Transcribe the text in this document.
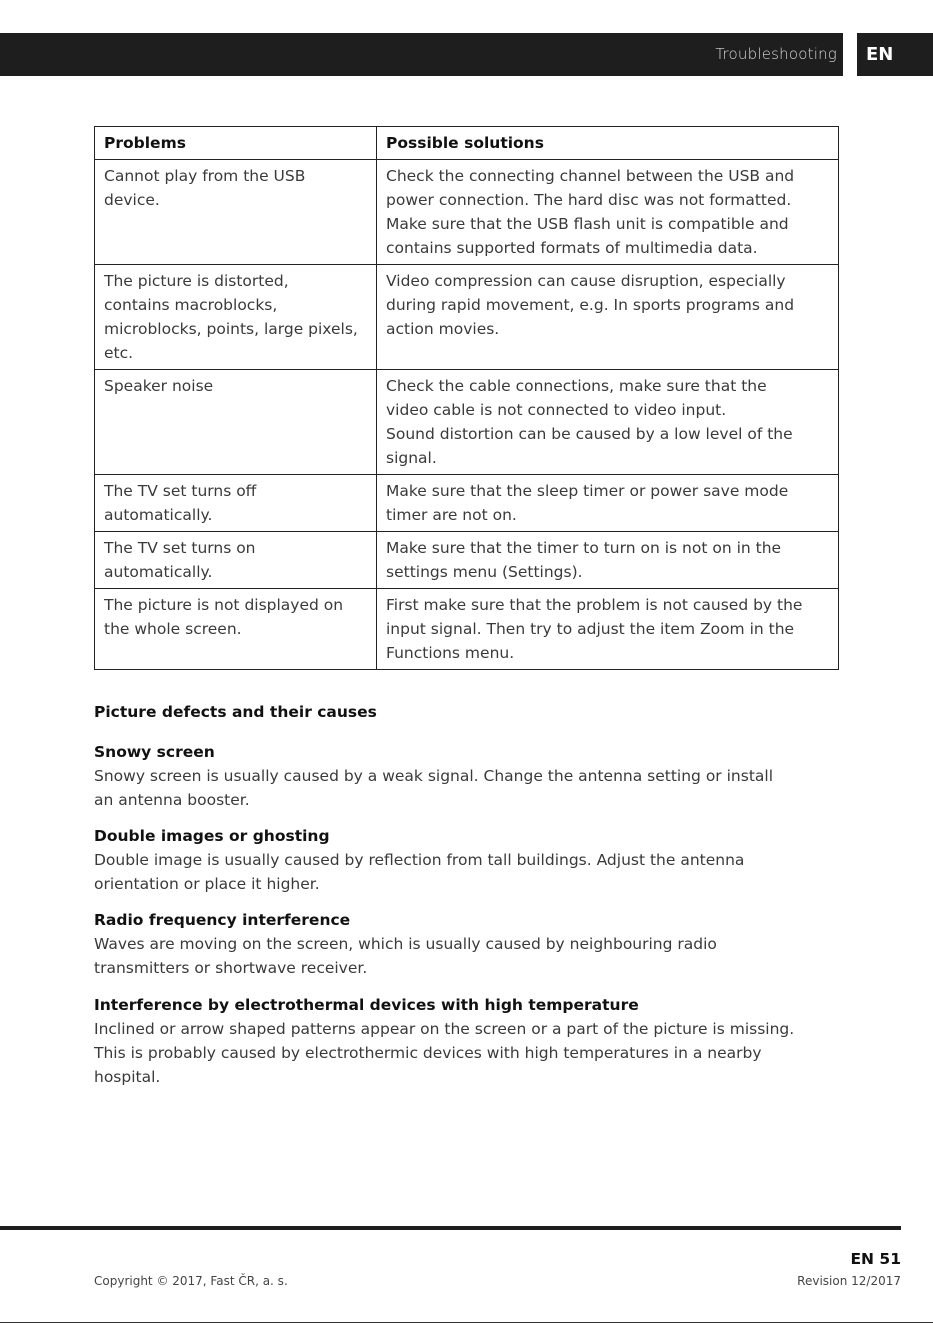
Troubleshooting EN
Problems	Possible solutions
Cannot play from the USB
device.	Check the connecting channel between the USB and
power connection. The hard disc was not formatted.
Make sure that the USB flash unit is compatible and
contains supported formats of multimedia data.
The picture is distorted,
contains macroblocks,
microblocks, points, large pixels,
etc.	Video compression can cause disruption, especially
during rapid movement, e.g. In sports programs and
action movies.
Speaker noise	Check the cable connections, make sure that the
video cable is not connected to video input.
Sound distortion can be caused by a low level of the
signal.
The TV set turns off
automatically.	Make sure that the sleep timer or power save mode
timer are not on.
The TV set turns on
automatically.	Make sure that the timer to turn on is not on in the
settings menu (Settings).
The picture is not displayed on
the whole screen.	First make sure that the problem is not caused by the
input signal. Then try to adjust the item Zoom in the
Functions menu.
Picture defects and their causes
Snowy screen
Snowy screen is usually caused by a weak signal. Change the antenna setting or install
an antenna booster.
Double images or ghosting
Double image is usually caused by reflection from tall buildings. Adjust the antenna
orientation or place it higher.
Radio frequency interference
Waves are moving on the screen, which is usually caused by neighbouring radio
transmitters or shortwave receiver.
Interference by electrothermal devices with high temperature
Inclined or arrow shaped patterns appear on the screen or a part of the picture is missing.
This is probably caused by electrothermic devices with high temperatures in a nearby
hospital.
EN 51
Copyright © 2017, Fast ČR, a. s.	Revision 12/2017
